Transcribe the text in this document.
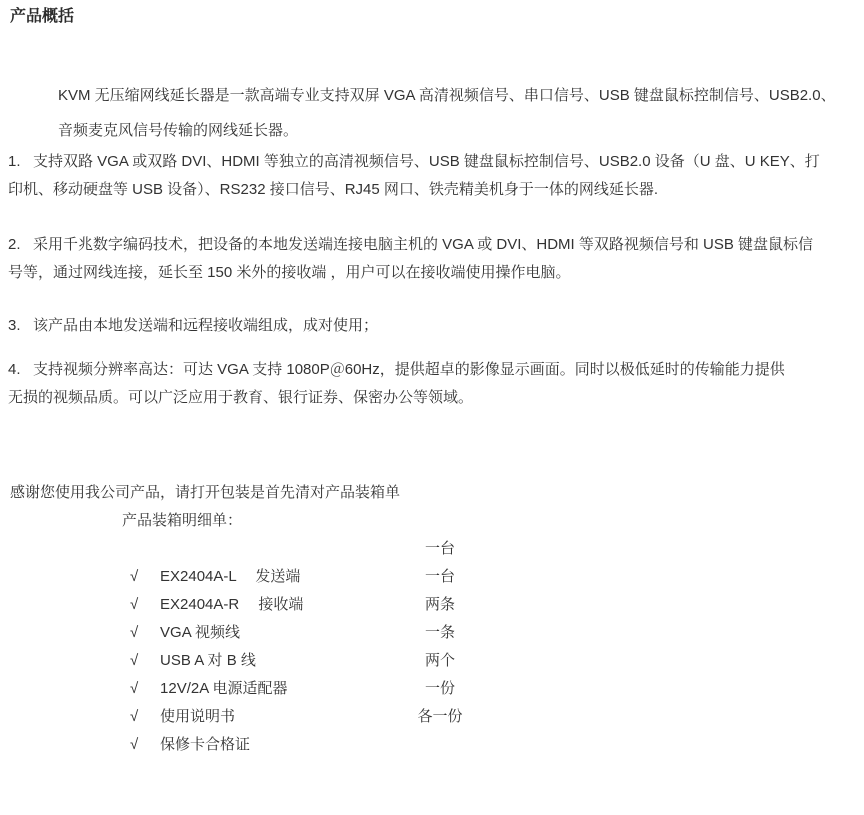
产品概括
KVM 无压缩网线延长器是一款高端专业支持双屏 VGA 高清视频信号、串口信号、USB 键盘鼠标控制信号、USB2.0、
音频麦克风信号传输的网线延长器。
1.   支持双路 VGA 或双路 DVI、HDMI 等独立的高清视频信号、USB 键盘鼠标控制信号、USB2.0 设备（U 盘、U KEY、打
印机、移动硬盘等 USB 设备）、RS232 接口信号、RJ45 网口、铁壳精美机身于一体的网线延长器.
2.   采用千兆数字编码技术，把设备的本地发送端连接电脑主机的 VGA 或 DVI、HDMI 等双路视频信号和 USB 键盘鼠标信
号等，通过网线连接，延长至 150 米外的接收端 ，用户可以在接收端使用操作电脑。
3.   该产品由本地发送端和远程接收端组成，成对使用；
4.   支持视频分辨率高达：可达 VGA 支持 1080P＠60Hz，提供超卓的影像显示画面。同时以极低延时的传输能力提供
无损的视频品质。可以广泛应用于教育、银行证券、保密办公等领域。
感谢您使用我公司产品，请打开包装是首先清对产品装箱单
产品装箱明细单：

√ EX2404A-L　 发送端

一台

√ EX2404A-R　 接收端

一台

√ VGA 视频线

两条

√ USB A 对 B 线

一条

√ 12V/2A 电源适配器

两个

√ 使用说明书

一份

√ 保修卡合格证

各一份
